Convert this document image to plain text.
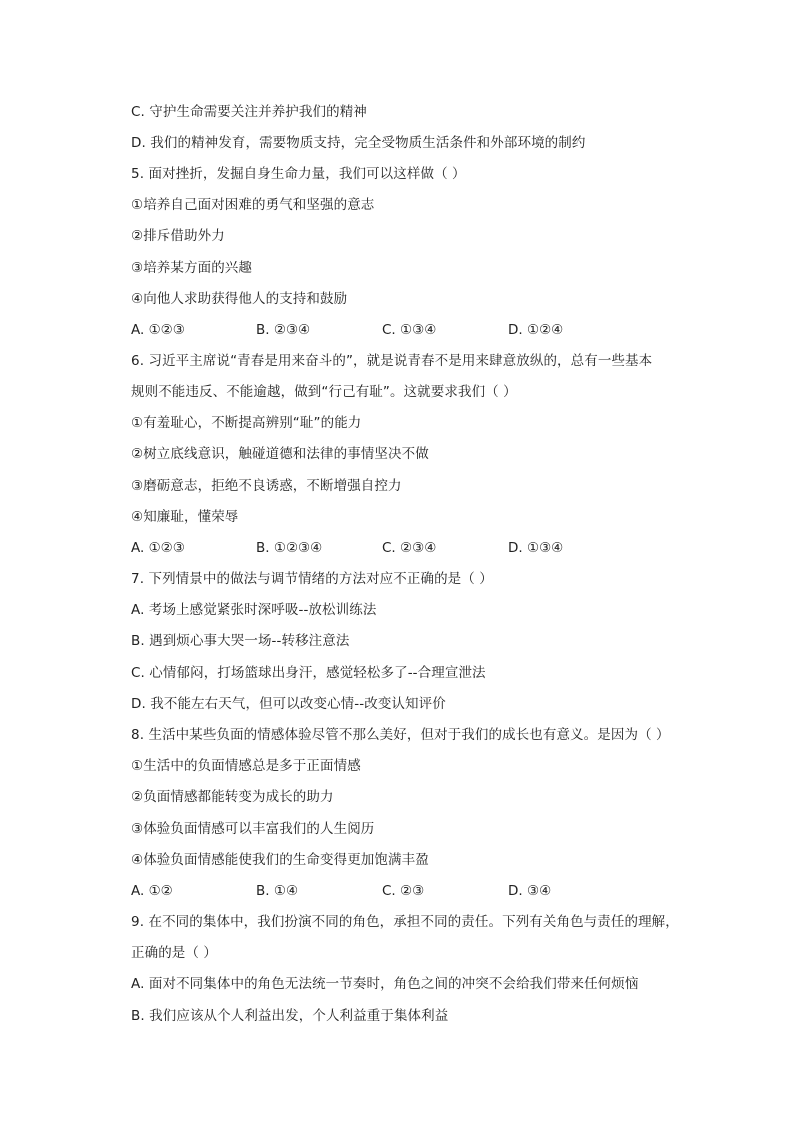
C. 守护生命需要关注并养护我们的精神
D. 我们的精神发育，需要物质支持，完全受物质生活条件和外部环境的制约
5. 面对挫折，发掘自身生命力量，我们可以这样做（ ）
①培养自己面对困难的勇气和坚强的意志
②排斥借助外力
③培养某方面的兴趣
④向他人求助获得他人的支持和鼓励
A. ①②③	B. ②③④	C. ①③④	D. ①②④
6. 习近平主席说“青春是用来奋斗的”，就是说青春不是用来肆意放纵的，总有一些基本
规则不能违反、不能逾越，做到“行己有耻”。这就要求我们（ ）
①有羞耻心，不断提高辨别“耻”的能力
②树立底线意识，触碰道德和法律的事情坚决不做
③磨砺意志，拒绝不良诱惑，不断增强自控力
④知廉耻，懂荣辱
A. ①②③	B. ①②③④	C. ②③④	D. ①③④
7. 下列情景中的做法与调节情绪的方法对应不正确的是（ ）
A. 考场上感觉紧张时深呼吸--放松训练法
B. 遇到烦心事大哭一场--转移注意法
C. 心情郁闷，打场篮球出身汗，感觉轻松多了--合理宣泄法
D. 我不能左右天气，但可以改变心情--改变认知评价
8. 生活中某些负面的情感体验尽管不那么美好，但对于我们的成长也有意义。是因为（ ）
①生活中的负面情感总是多于正面情感
②负面情感都能转变为成长的助力
③体验负面情感可以丰富我们的人生阅历
④体验负面情感能使我们的生命变得更加饱满丰盈
A. ①②	B. ①④	C. ②③	D. ③④
9. 在不同的集体中，我们扮演不同的角色，承担不同的责任。下列有关角色与责任的理解，
正确的是（ ）
A. 面对不同集体中的角色无法统一节奏时，角色之间的冲突不会给我们带来任何烦恼
B. 我们应该从个人利益出发，个人利益重于集体利益
